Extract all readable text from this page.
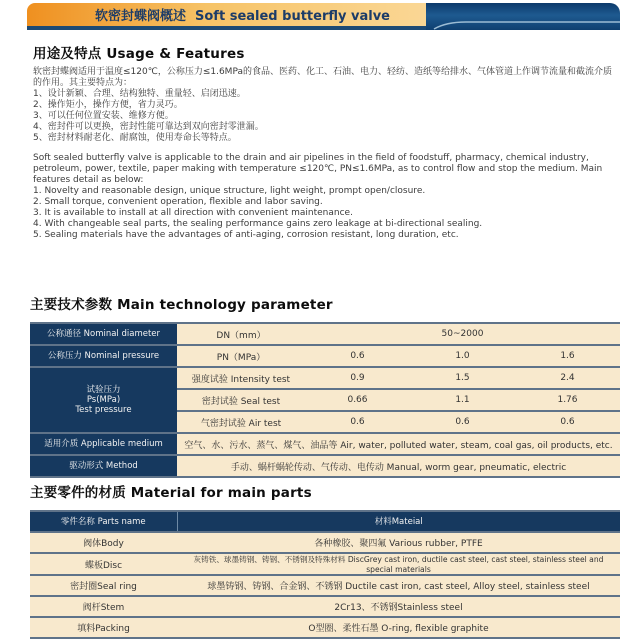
软密封蝶阀概述 Soft sealed butterfly valve
用途及特点 Usage & Features
软密封蝶阀适用于温度≤120℃，公称压力≤1.6MPa的食品、医药、化工、石油、电力、轻纺、造纸等给排水、气体管道上作调节流量和截流介质的作用。其主要特点为：
1、设计新颖、合理、结构独特、重量轻、启闭迅速。
2、操作矩小，操作方便，省力灵巧。
3、可以任何位置安装、维修方便。
4、密封件可以更换，密封性能可靠达到双向密封零泄漏。
5、密封材料耐老化、耐腐蚀，使用寿命长等特点。
Soft sealed butterfly valve is applicable to the drain and air pipelines in the field of foodstuff, pharmacy, chemical industry, petroleum, power, textile, paper making with temperature ≤120℃, PN≤1.6MPa, as to control flow and stop the medium. Main features detail as below:
1. Novelty and reasonable design, unique structure, light weight, prompt open/closure.
2. Small torque, convenient operation, flexible and labor saving.
3. It is available to install at all direction with convenient maintenance.
4. With changeable seal parts, the sealing performance gains zero leakage at bi-directional sealing.
5. Sealing materials have the advantages of anti-aging, corrosion resistant, long duration, etc.
主要技术参数 Main technology parameter
公称通径 Nominal diameter	DN（mm）	50~2000		
公称压力 Nominal pressure	PN（MPa）	0.6	1.0	1.6
试验压力
Ps(MPa)
Test pressure	强度试验 Intensity test	0.9	1.5	2.4
	密封试验 Seal test	0.66	1.1	1.76
	气密封试验 Air test	0.6	0.6	0.6
适用介质 Applicable medium	空气、水、污水、蒸气、煤气、油品等 Air, water, polluted water, steam, coal gas, oil products, etc.			
驱动形式 Method	手动、蜗杆蜗轮传动、气传动、电传动 Manual, worm gear, pneumatic, electric			
主要零件的材质 Material for main parts
零件名称 Parts name	材料Mateial
阀体Body	各种橡胶、聚四氟 Various rubber, PTFE
蝶板Disc	灰铸铁、球墨铸钢、铸钢、不锈钢及特殊材料 DiscGrey cast iron, ductile cast steel, cast steel, stainless steel and special materials
密封圈Seal ring	球墨铸钢、铸钢、合金钢、不锈钢 Ductile cast iron, cast steel, Alloy steel, stainless steel
阀杆Stem	2Cr13、不锈钢Stainless steel
填料Packing	O型圈、柔性石墨 O-ring, flexible graphite
